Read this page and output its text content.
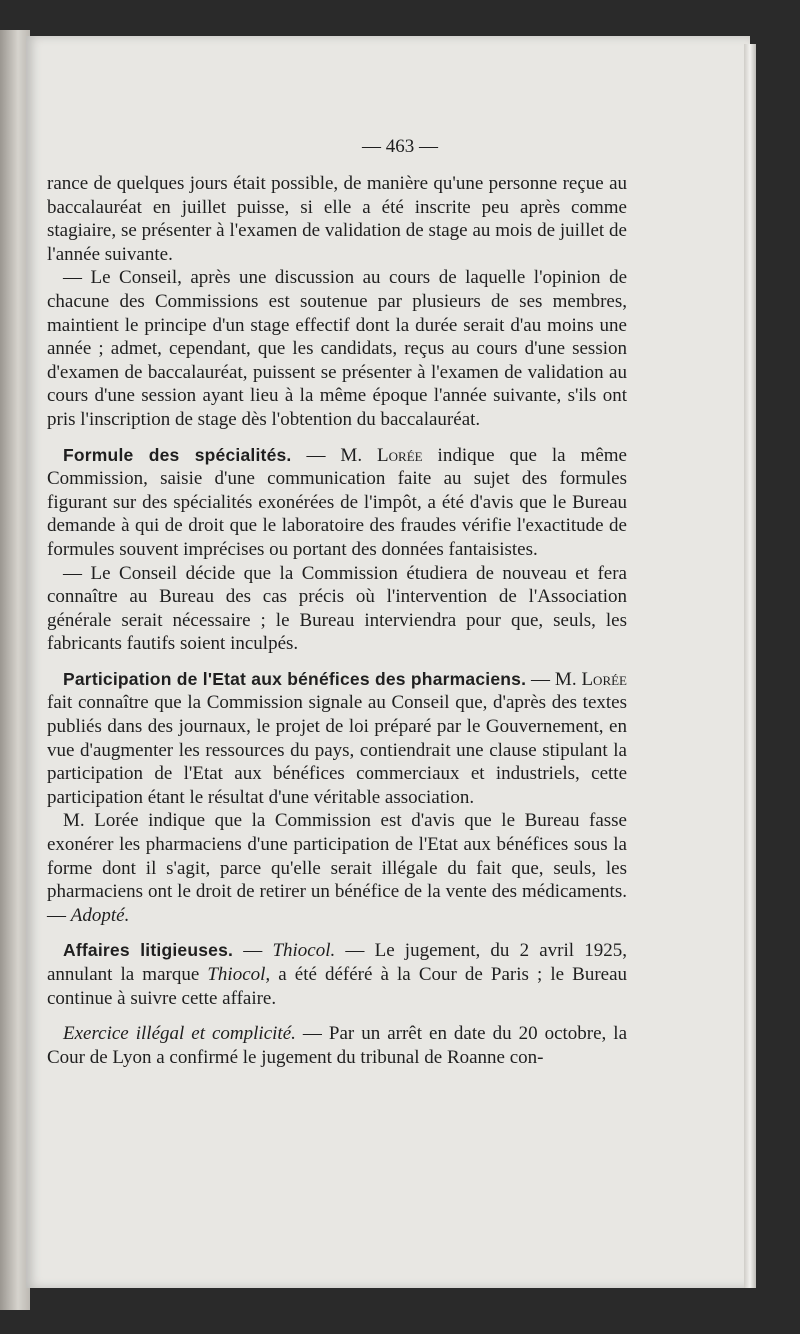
— 463 —

rance de quelques jours était possible, de manière qu'une personne reçue au baccalauréat en juillet puisse, si elle a été inscrite peu après comme stagiaire, se présenter à l'examen de validation de stage au mois de juillet de l'année suivante.

— Le Conseil, après une discussion au cours de laquelle l'opinion de chacune des Commissions est soutenue par plusieurs de ses membres, maintient le principe d'un stage effectif dont la durée serait d'au moins une année ; admet, cependant, que les candidats, reçus au cours d'une session d'examen de baccalauréat, puissent se présenter à l'examen de validation au cours d'une session ayant lieu à la même époque l'année suivante, s'ils ont pris l'inscription de stage dès l'obtention du baccalauréat.

Formule des spécialités. — M. Lorée indique que la même Commission, saisie d'une communication faite au sujet des formules figurant sur des spécialités exonérées de l'impôt, a été d'avis que le Bureau demande à qui de droit que le laboratoire des fraudes vérifie l'exactitude de formules souvent imprécises ou portant des données fantaisistes.

— Le Conseil décide que la Commission étudiera de nouveau et fera connaître au Bureau des cas précis où l'intervention de l'Association générale serait nécessaire ; le Bureau interviendra pour que, seuls, les fabricants fautifs soient inculpés.

Participation de l'Etat aux bénéfices des pharmaciens. — M. Lorée fait connaître que la Commission signale au Conseil que, d'après des textes publiés dans des journaux, le projet de loi préparé par le Gouvernement, en vue d'augmenter les ressources du pays, contiendrait une clause stipulant la participation de l'Etat aux bénéfices commerciaux et industriels, cette participation étant le résultat d'une véritable association.

M. Lorée indique que la Commission est d'avis que le Bureau fasse exonérer les pharmaciens d'une participation de l'Etat aux bénéfices sous la forme dont il s'agit, parce qu'elle serait illégale du fait que, seuls, les pharmaciens ont le droit de retirer un bénéfice de la vente des médicaments. — Adopté.

Affaires litigieuses. — Thiocol. — Le jugement, du 2 avril 1925, annulant la marque Thiocol, a été déféré à la Cour de Paris ; le Bureau continue à suivre cette affaire.

Exercice illégal et complicité. — Par un arrêt en date du 20 octobre, la Cour de Lyon a confirmé le jugement du tribunal de Roanne con-
